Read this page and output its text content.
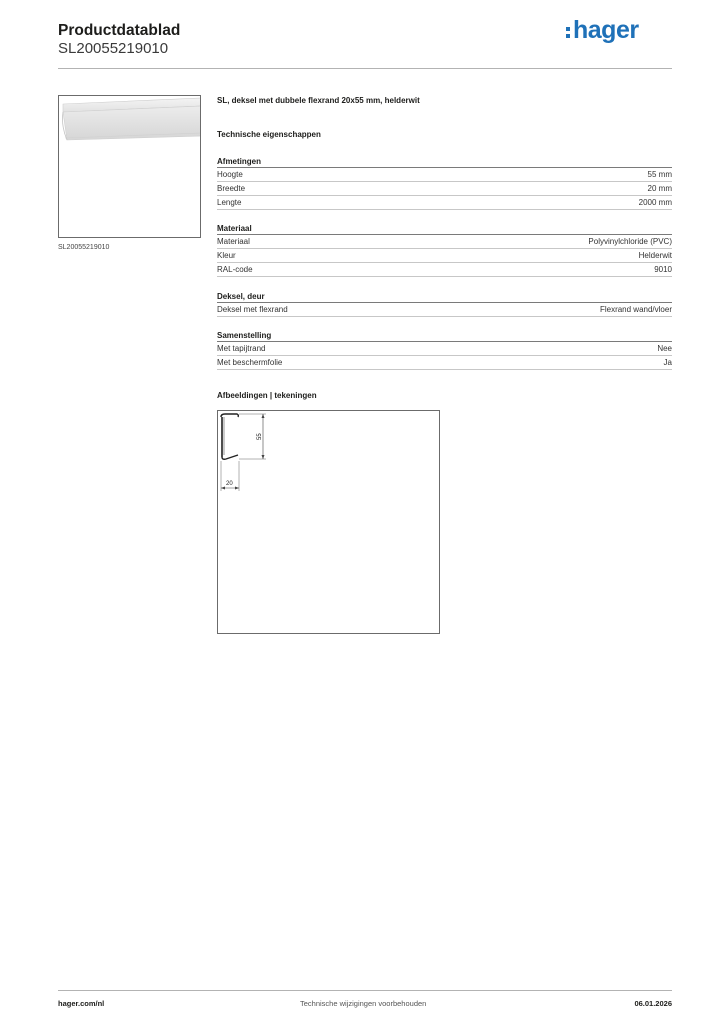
Productdatablad
SL20055219010
hager
SL20055219010
SL, deksel met dubbele flexrand 20x55 mm, helderwit
Technische eigenschappen
Afmetingen
Hoogte	55 mm
Breedte	20 mm
Lengte	2000 mm
Materiaal
Materiaal	Polyvinylchloride (PVC)
Kleur	Helderwit
RAL-code	9010
Deksel, deur
Deksel met flexrand	Flexrand wand/vloer
Samenstelling
Met tapijtrand	Nee
Met beschermfolie	Ja
Afbeeldingen | tekeningen
55
20
hager.com/nl	Technische wijzigingen voorbehouden	06.01.2026
